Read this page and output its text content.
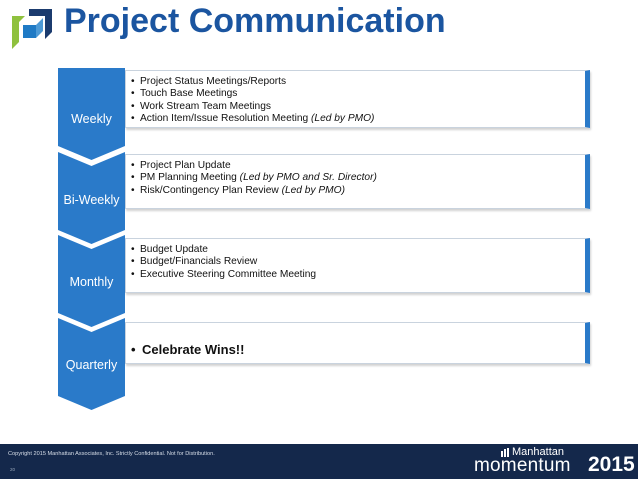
Project Communication
Weekly
• Project Status Meetings/Reports
• Touch Base Meetings
• Work Stream Team Meetings
• Action Item/Issue Resolution Meeting (Led by PMO)
Bi-Weekly
• Project Plan Update
• PM Planning Meeting (Led by PMO and Sr. Director)
• Risk/Contingency Plan Review (Led by PMO)
Monthly
• Budget Update
• Budget/Financials Review
• Executive Steering Committee Meeting
Quarterly
• Celebrate Wins!!
Copyright 2015 Manhattan Associates, Inc. Strictly Confidential. Not for Distribution.
20
Manhattan
momentum 2015
